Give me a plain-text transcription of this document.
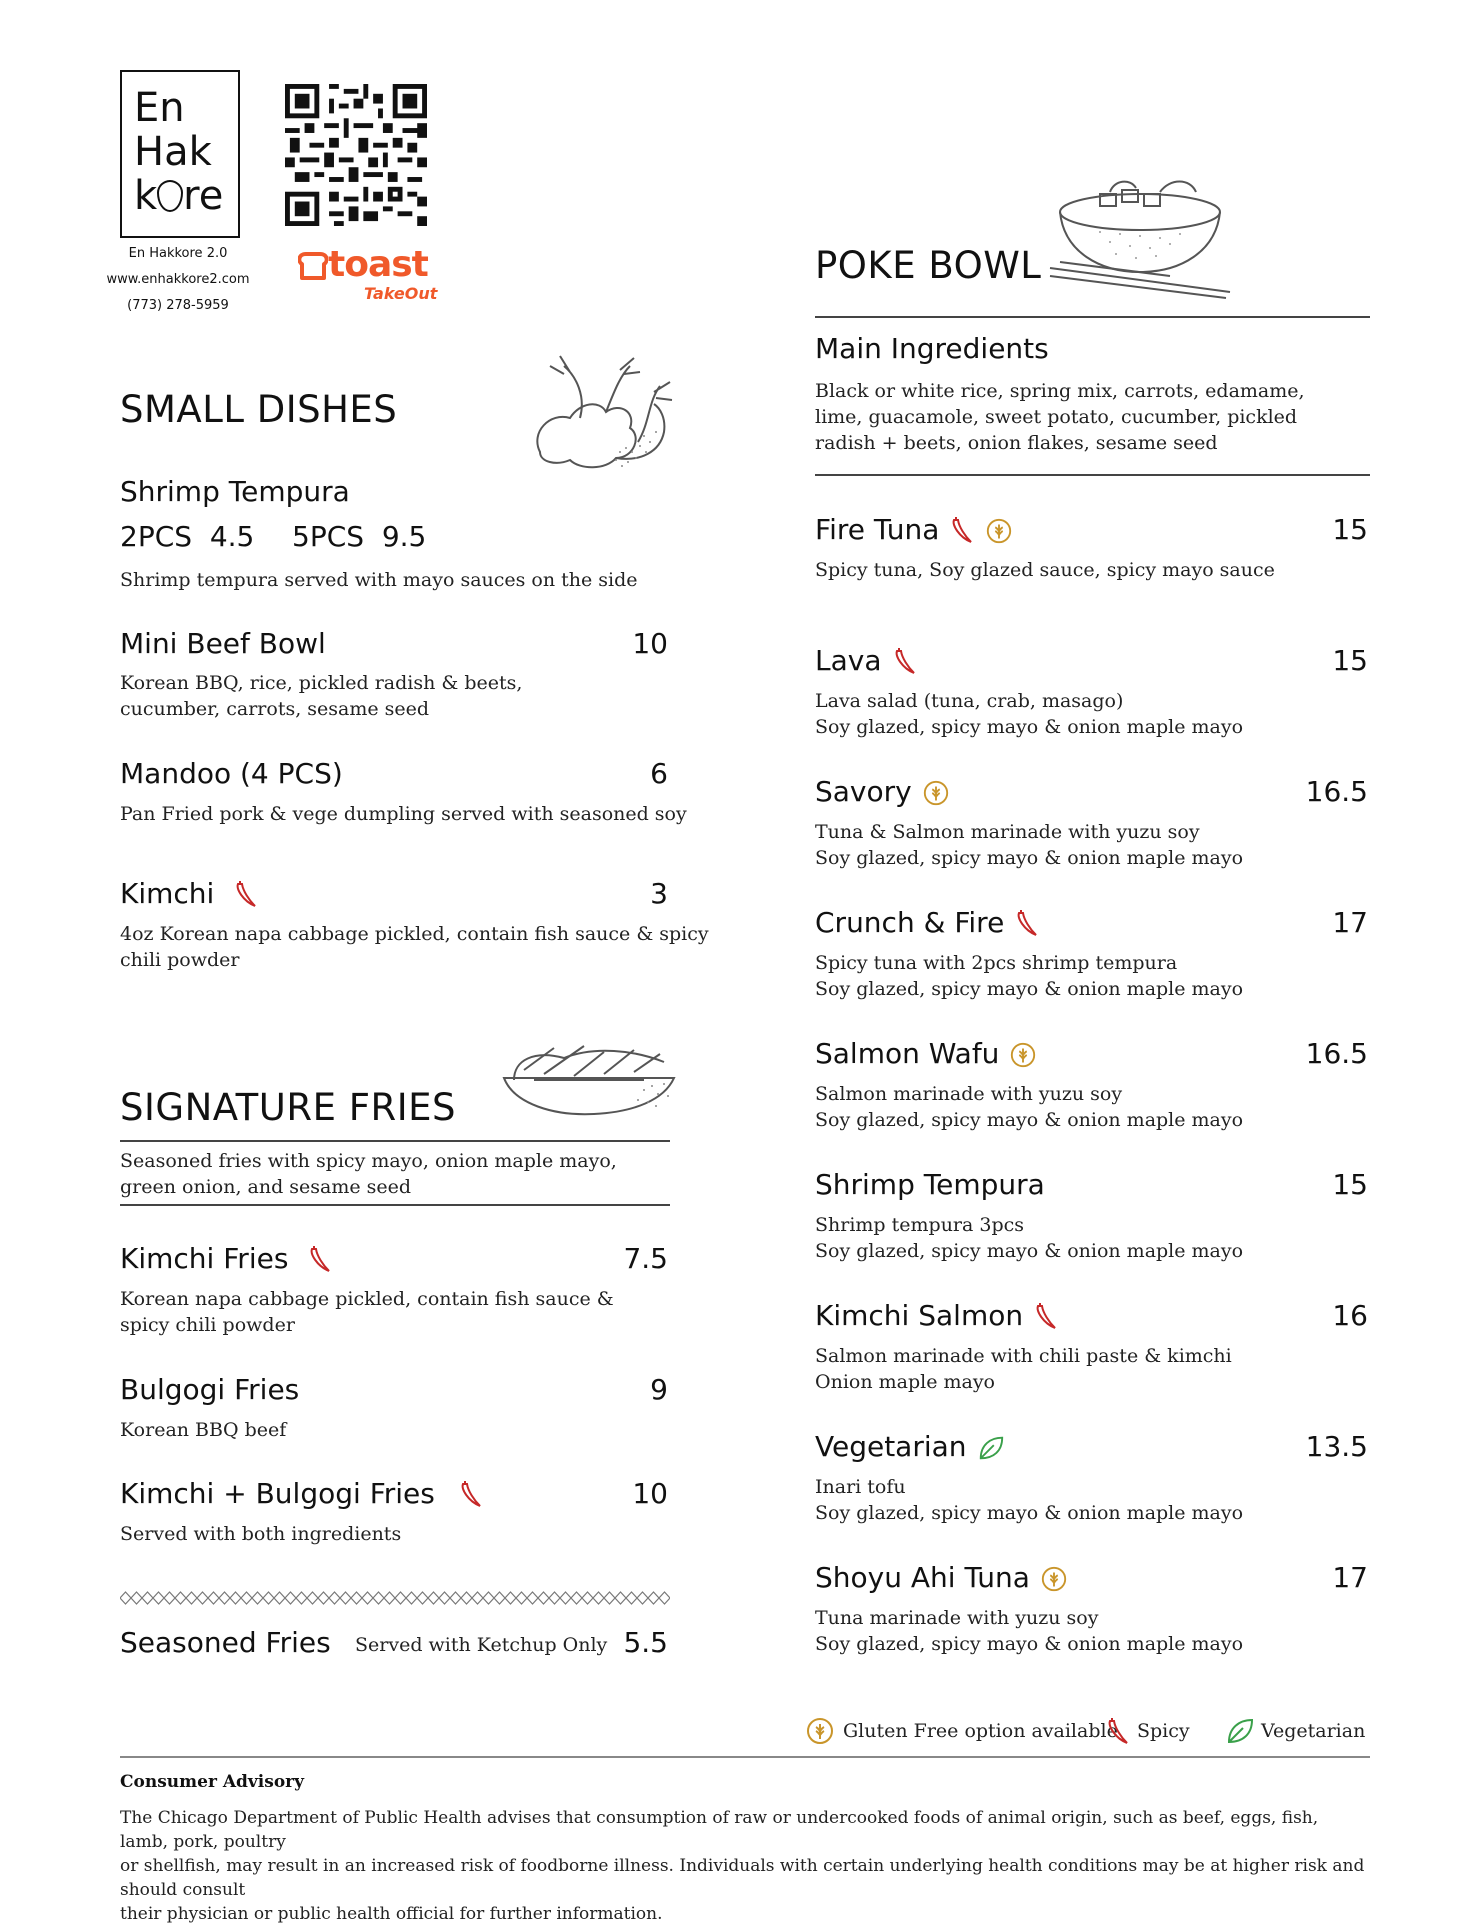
En
Hak
k re
En Hakkore 2.0
www.enhakkore2.com
(773) 278-5959
toast
TakeOut
SMALL DISHES
Shrimp Tempura
2PCS  4.5 5PCS  9.5
Shrimp tempura served with mayo sauces on the side
Mini Beef Bowl	10
Korean BBQ, rice, pickled radish & beets,
cucumber, carrots, sesame seed
Mandoo (4 PCS)	6
Pan Fried pork & vege dumpling served with seasoned soy
Kimchi	3
4oz Korean napa cabbage pickled, contain fish sauce & spicy
chili powder
SIGNATURE FRIES
Seasoned fries with spicy mayo, onion maple mayo,
green onion, and sesame seed
Kimchi Fries	7.5
Korean napa cabbage pickled, contain fish sauce &
spicy chili powder
Bulgogi Fries	9
Korean BBQ beef
Kimchi + Bulgogi Fries	10
Served with both ingredients
Seasoned Fries Served with Ketchup Only 5.5
POKE BOWL
Main Ingredients
Black or white rice, spring mix, carrots, edamame,
lime, guacamole, sweet potato, cucumber, pickled
radish + beets, onion flakes, sesame seed
Fire Tuna	15
Spicy tuna, Soy glazed sauce, spicy mayo sauce
Lava	15
Lava salad (tuna, crab, masago)
Soy glazed, spicy mayo & onion maple mayo
Savory	16.5
Tuna & Salmon marinade with yuzu soy
Soy glazed, spicy mayo & onion maple mayo
Crunch & Fire	17
Spicy tuna with 2pcs shrimp tempura
Soy glazed, spicy mayo & onion maple mayo
Salmon Wafu	16.5
Salmon marinade with yuzu soy
Soy glazed, spicy mayo & onion maple mayo
Shrimp Tempura	15
Shrimp tempura 3pcs
Soy glazed, spicy mayo & onion maple mayo
Kimchi Salmon	16
Salmon marinade with chili paste & kimchi
Onion maple mayo
Vegetarian	13.5
Inari tofu
Soy glazed, spicy mayo & onion maple mayo
Shoyu Ahi Tuna	17
Tuna marinade with yuzu soy
Soy glazed, spicy mayo & onion maple mayo
Gluten Free option available Spicy	Vegetarian
Consumer Advisory
The Chicago Department of Public Health advises that consumption of raw or undercooked foods of animal origin, such as beef, eggs, fish, lamb, pork, poultry
or shellfish, may result in an increased risk of foodborne illness. Individuals with certain underlying health conditions may be at higher risk and should consult
their physician or public health official for further information.
